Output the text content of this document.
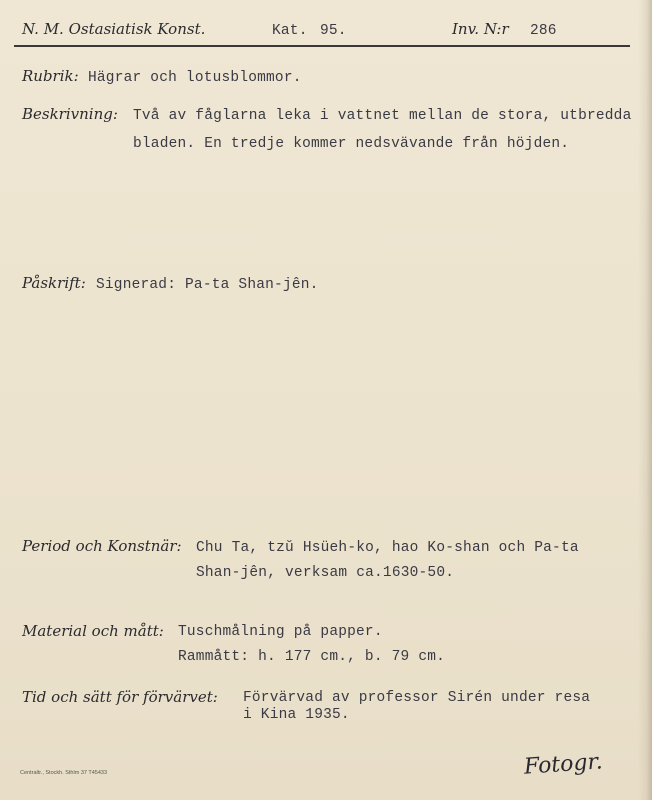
N. M. Ostasiatisk Konst.	Kat. 95.	Inv. N:r 286
Rubrik: Hägrar och lotusblommor.
Beskrivning: Två av fåglarna leka i vattnet mellan de stora, utbredda
bladen. En tredje kommer nedsvävande från höjden.
Påskrift: Signerad: Pa-ta Shan-jên.
Period och Konstnär: Chu Ta, tzŭ Hsüeh-ko, hao Ko-shan och Pa-ta
Shan-jên, verksam ca.1630-50.
Material och mått: Tuschmålning på papper.
Rammått: h. 177 cm., b. 79 cm.
Tid och sätt för förvärvet: Förvärvad av professor Sirén under resa
i Kina 1935.
Centraltr., Stockh. Sthlm 37 T45433	Fotogr.
